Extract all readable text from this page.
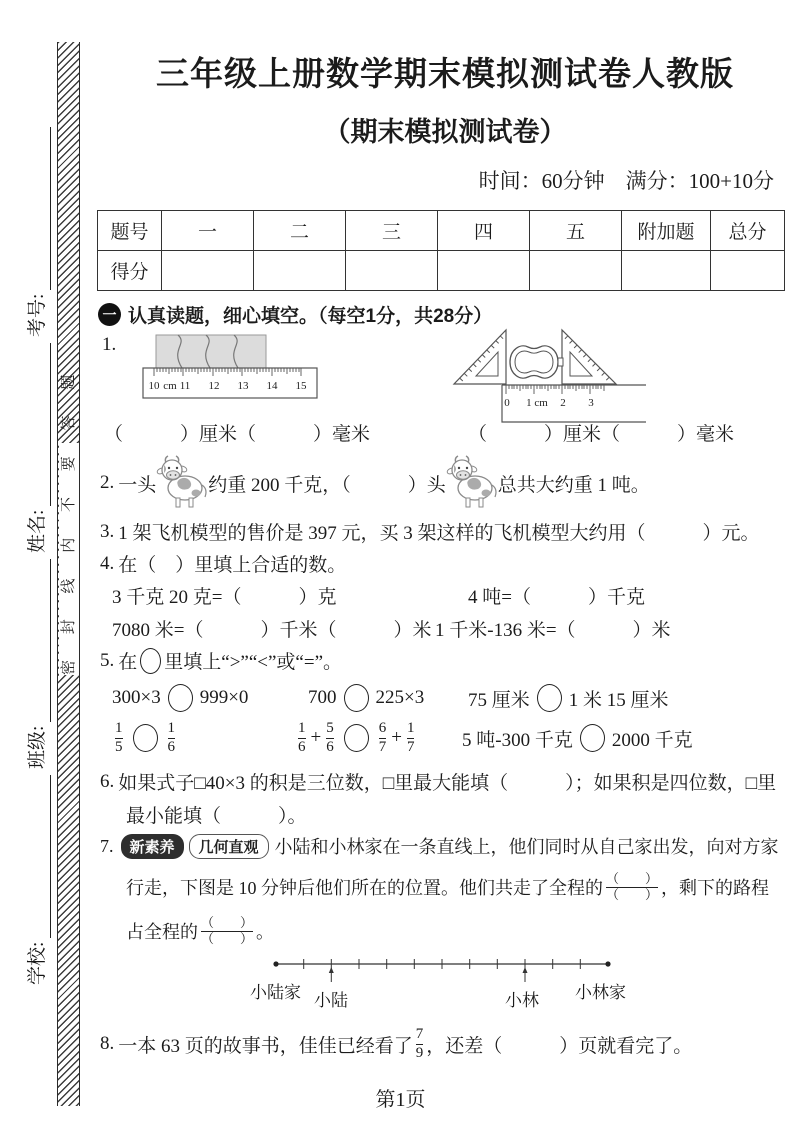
密 封 线 内 不 要 答 题
考号:
姓名:
班级:
学校:
三年级上册数学期末模拟测试卷人教版
（期末模拟测试卷）
时间：60分钟　满分：100+10分
题号	一	二	三	四	五	附加题	总分
得分							
一 认真读题，细心填空。（每空1分，共28分）
1.
10 cm 11 12 13 14 15
0 1 cm 2 3
（　　　）厘米（　　　）毫米	（　　　）厘米（　　　）毫米
2. 一头	约重 200 千克，（　　　）头	总共大约重 1 吨。
3. 1 架飞机模型的售价是 397 元，买 3 架这样的飞机模型大约用（　　　）元。
4. 在（　）里填上合适的数。
3 千克 20 克=（　　　）克	4 吨=（　　　）千克
7080 米=（　　　）千米（　　　）米 1 千米-136 米=（　　　）米
5. 在 里填上“>”“<”或“=”。
300×3 999×0	700 225×3 75 厘米 1 米 15 厘米
$\frac{1}{5}$	$\frac{1}{6}$	$\frac{1}{6} + \frac{5}{6}$	$\frac{6}{7} + \frac{1}{7}$	5 吨-300 千克 2000 千克
6. 如果式子□40×3 的积是三位数，□里最大能填（　　　）；如果积是四位数，□里
最小能填（　　　）。
7.	新素养	几何直观 小陆和小林家在一条直线上，他们同时从自己家出发，向对方家
行走，下图是 10 分钟后他们所在的位置。他们共走了全程的 $\frac{( )}{( )}$ ，剩下的路程
占全程的 $\frac{( )}{( )}$ 。
小陆家 小陆	小林 小林家
8. 一本 63 页的故事书，佳佳已经看了 $\frac{7}{9}$ ，还差（　　　）页就看完了。
第1页
